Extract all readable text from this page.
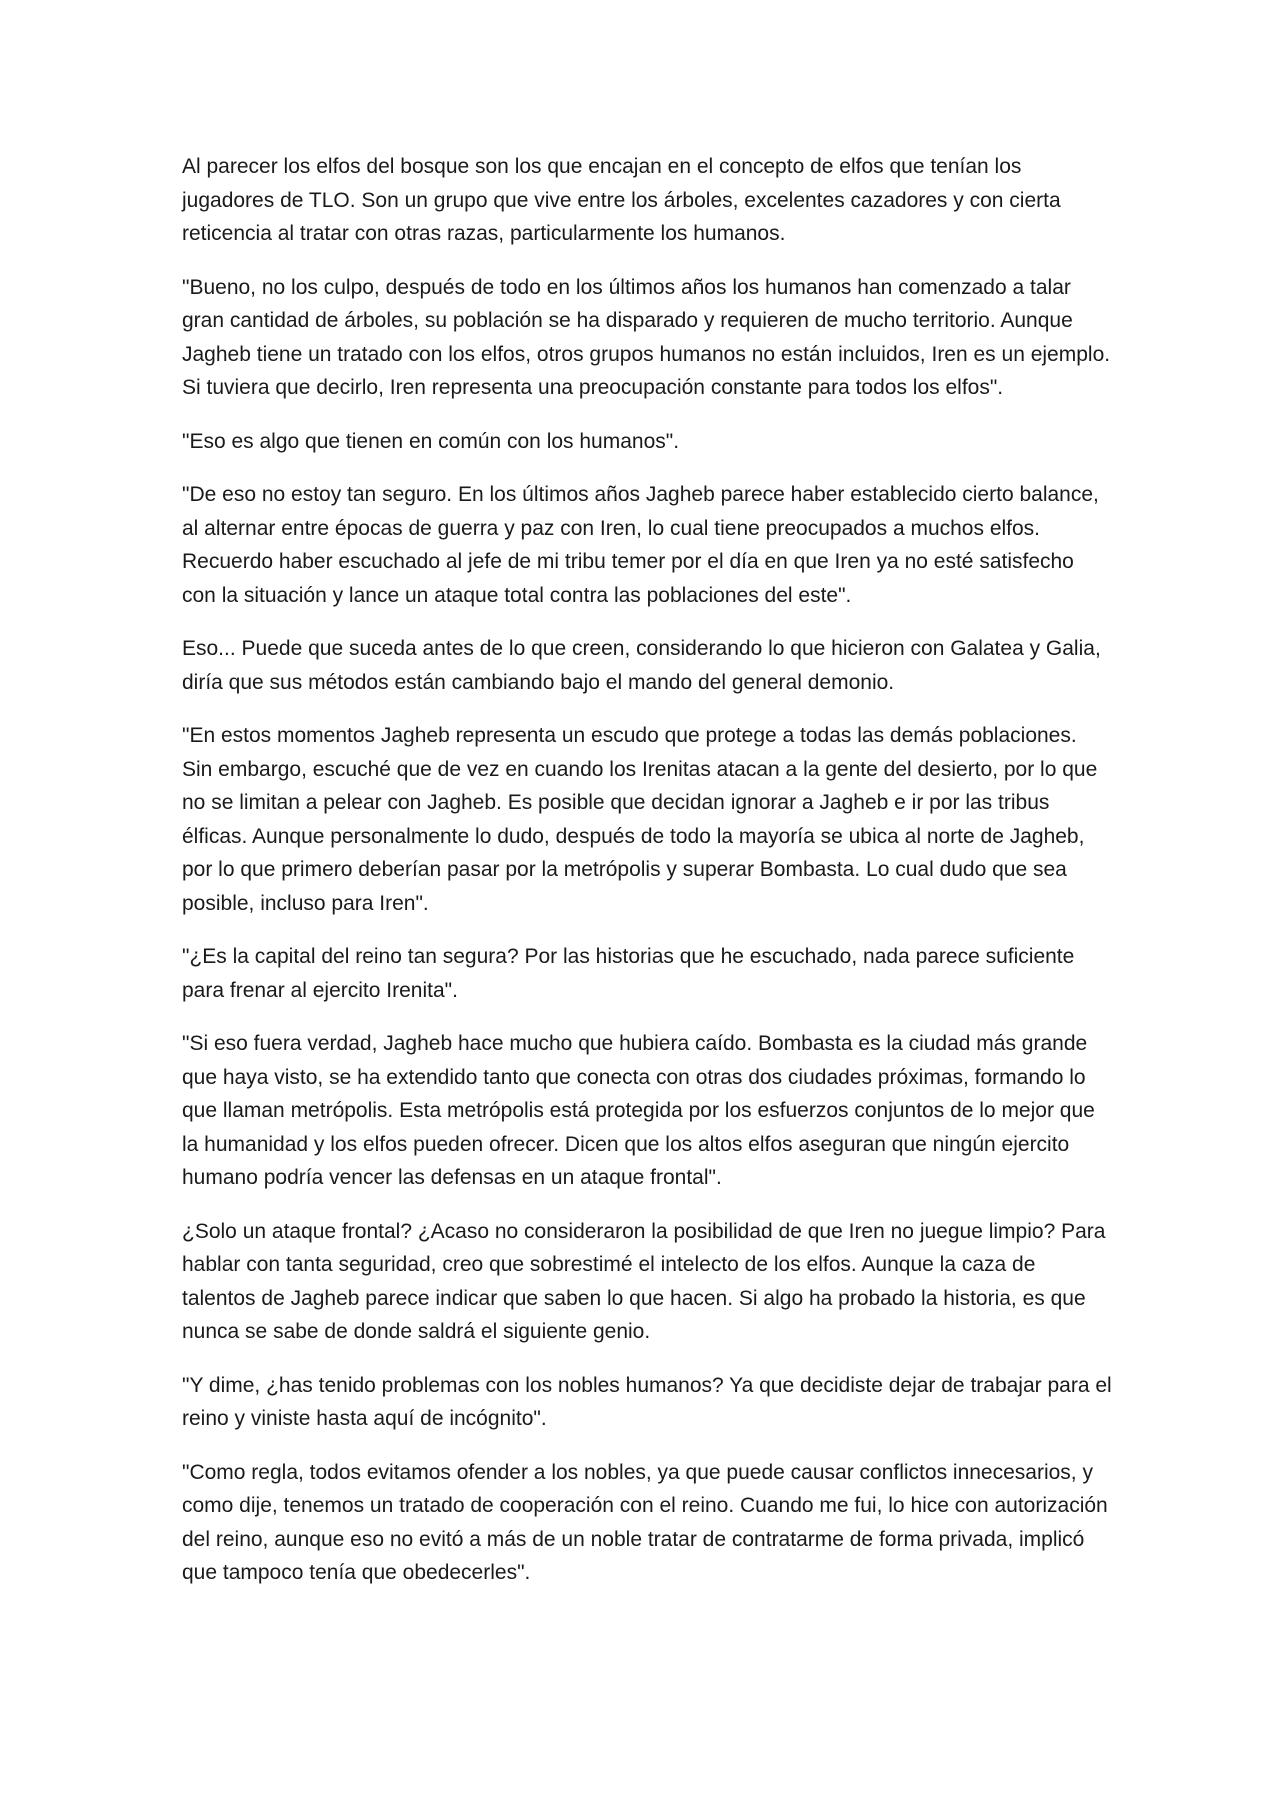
Al parecer los elfos del bosque son los que encajan en el concepto de elfos que tenían los jugadores de TLO. Son un grupo que vive entre los árboles, excelentes cazadores y con cierta reticencia al tratar con otras razas, particularmente los humanos.

"Bueno, no los culpo, después de todo en los últimos años los humanos han comenzado a talar gran cantidad de árboles, su población se ha disparado y requieren de mucho territorio. Aunque Jagheb tiene un tratado con los elfos, otros grupos humanos no están incluidos, Iren es un ejemplo. Si tuviera que decirlo, Iren representa una preocupación constante para todos los elfos".

"Eso es algo que tienen en común con los humanos".

"De eso no estoy tan seguro. En los últimos años Jagheb parece haber establecido cierto balance, al alternar entre épocas de guerra y paz con Iren, lo cual tiene preocupados a muchos elfos. Recuerdo haber escuchado al jefe de mi tribu temer por el día en que Iren ya no esté satisfecho con la situación y lance un ataque total contra las poblaciones del este".

Eso... Puede que suceda antes de lo que creen, considerando lo que hicieron con Galatea y Galia, diría que sus métodos están cambiando bajo el mando del general demonio.

"En estos momentos Jagheb representa un escudo que protege a todas las demás poblaciones. Sin embargo, escuché que de vez en cuando los Irenitas atacan a la gente del desierto, por lo que no se limitan a pelear con Jagheb. Es posible que decidan ignorar a Jagheb e ir por las tribus élficas. Aunque personalmente lo dudo, después de todo la mayoría se ubica al norte de Jagheb, por lo que primero deberían pasar por la metrópolis y superar Bombasta. Lo cual dudo que sea posible, incluso para Iren".

"¿Es la capital del reino tan segura? Por las historias que he escuchado, nada parece suficiente para frenar al ejercito Irenita".

"Si eso fuera verdad, Jagheb hace mucho que hubiera caído. Bombasta es la ciudad más grande que haya visto, se ha extendido tanto que conecta con otras dos ciudades próximas, formando lo que llaman metrópolis. Esta metrópolis está protegida por los esfuerzos conjuntos de lo mejor que la humanidad y los elfos pueden ofrecer. Dicen que los altos elfos aseguran que ningún ejercito humano podría vencer las defensas en un ataque frontal".

¿Solo un ataque frontal? ¿Acaso no consideraron la posibilidad de que Iren no juegue limpio? Para hablar con tanta seguridad, creo que sobrestimé el intelecto de los elfos. Aunque la caza de talentos de Jagheb parece indicar que saben lo que hacen. Si algo ha probado la historia, es que nunca se sabe de donde saldrá el siguiente genio.

"Y dime, ¿has tenido problemas con los nobles humanos? Ya que decidiste dejar de trabajar para el reino y viniste hasta aquí de incógnito".

"Como regla, todos evitamos ofender a los nobles, ya que puede causar conflictos innecesarios, y como dije, tenemos un tratado de cooperación con el reino. Cuando me fui, lo hice con autorización del reino, aunque eso no evitó a más de un noble tratar de contratarme de forma privada, implicó que tampoco tenía que obedecerles".
